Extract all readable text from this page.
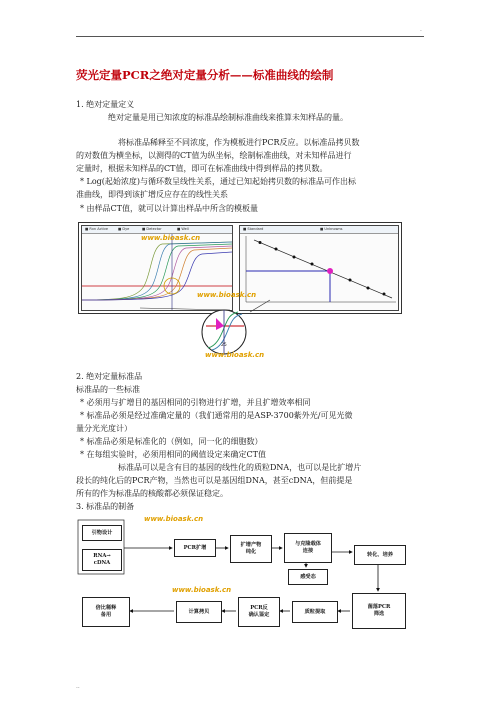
.
荧光定量PCR之绝对定量分析——标准曲线的绘制
1. 绝对定量定义
绝对定量是用已知浓度的标准品绘制标准曲线来推算未知样品的量。
将标准品稀释至不同浓度，作为模板进行PCR反应。以标准品拷贝数
的对数值为横坐标，以测得的CT值为纵坐标，绘制标准曲线，对未知样品进行
定量时，根据未知样品的CT值，即可在标准曲线中得到样品的拷贝数。
* Log(起始浓度)与循环数呈线性关系，通过已知起始拷贝数的标准品可作出标
准曲线，即得到该扩增反应存在的线性关系
* 由样品CT值，就可以计算出样品中所含的模板量
■ Rxn Active	■ Dye	■ Detector	■ Well	■ Standard	■ Unknowns
www.bioask.cn
www.bioask.cn
25
www.bioask.cn
2. 绝对定量标准品
标准品的一些标准
* 必须用与扩增目的基因相同的引物进行扩增，并且扩增效率相同
* 标准品必须是经过准确定量的（我们通常用的是ASP-3700紫外光/可见光微
量分光光度计）
* 标准品必须是标准化的（例如，同一化的细胞数）
* 在每组实验时，必须用相同的阈值设定来确定CT值
标准品可以是含有目的基因的线性化的质粒DNA，也可以是比扩增片
段长的纯化后的PCR产物，当然也可以是基因组DNA，甚至cDNA，但前提是
所有的作为标准品的核酸都必须保证稳定。
3. 标准品的制备
引物设计
RNA→
cDNA
PCR扩增	扩增产物
纯化
与克隆载体
连接
感受态
转化、培养
菌落PCR
筛选
质粒提取
PCR反
确认鉴定
计算拷贝
倍比稀释
备用
www.bioask.cn
www.bioask.cn
..
